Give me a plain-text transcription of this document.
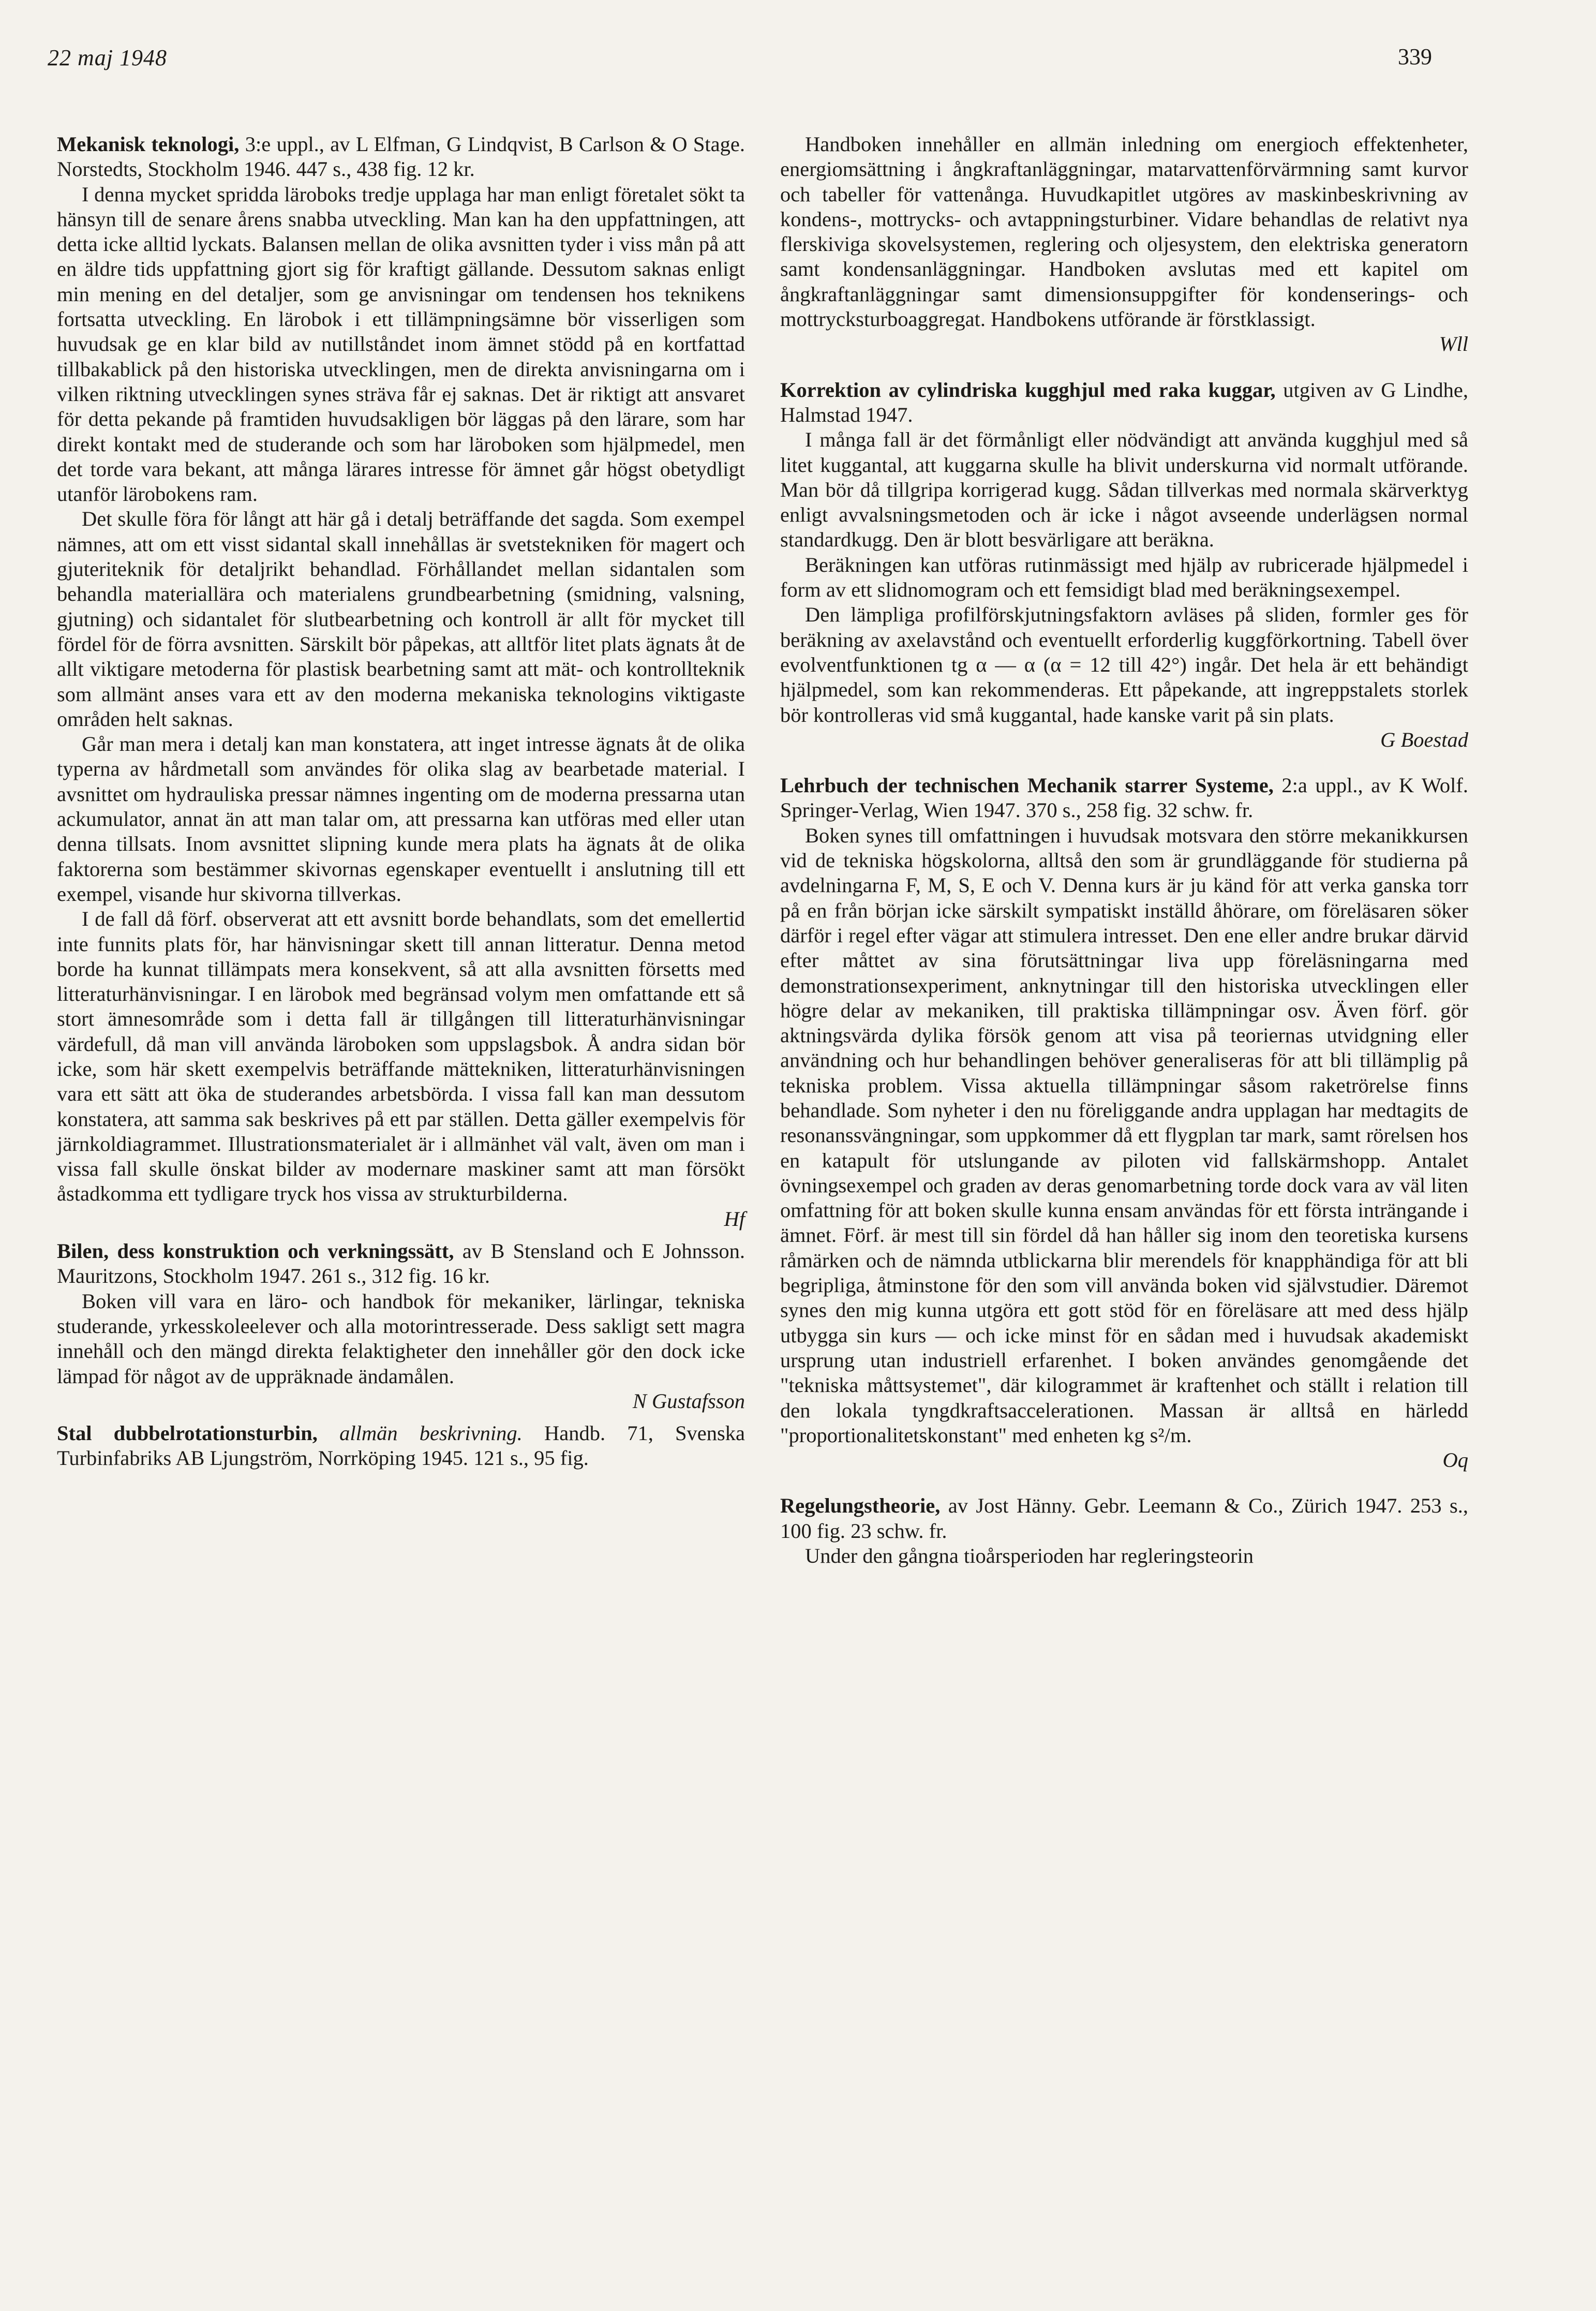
22 maj 1948	339

Mekanisk teknologi, 3:e uppl., av L Elfman, G Lindqvist, B Carlson & O Stage. Norstedts, Stockholm 1946. 447 s., 438 fig. 12 kr.

I denna mycket spridda läroboks tredje upplaga har man enligt företalet sökt ta hänsyn till de senare årens snabba utveckling. Man kan ha den uppfattningen, att detta icke alltid lyckats. Balansen mellan de olika avsnitten tyder i viss mån på att en äldre tids uppfattning gjort sig för kraftigt gällande. Dessutom saknas enligt min mening en del detaljer, som ge anvisningar om tendensen hos teknikens fortsatta utveckling. En lärobok i ett tillämpningsämne bör visserligen som huvudsak ge en klar bild av nutillståndet inom ämnet stödd på en kortfattad tillbakablick på den historiska utvecklingen, men de direkta anvisningarna om i vilken riktning utvecklingen synes sträva får ej saknas. Det är riktigt att ansvaret för detta pekande på framtiden huvudsakligen bör läggas på den lärare, som har direkt kontakt med de studerande och som har läroboken som hjälpmedel, men det torde vara bekant, att många lärares intresse för ämnet går högst obetydligt utanför lärobokens ram.

Det skulle föra för långt att här gå i detalj beträffande det sagda. Som exempel nämnes, att om ett visst sidantal skall innehållas är svetstekniken för magert och gjuteriteknik för detaljrikt behandlad. Förhållandet mellan sidantalen som behandla materiallära och materialens grundbearbetning (smidning, valsning, gjutning) och sidantalet för slutbearbetning och kontroll är allt för mycket till fördel för de förra avsnitten. Särskilt bör påpekas, att alltför litet plats ägnats åt de allt viktigare metoderna för plastisk bearbetning samt att mät- och kontrollteknik som allmänt anses vara ett av den moderna mekaniska teknologins viktigaste områden helt saknas.

Går man mera i detalj kan man konstatera, att inget intresse ägnats åt de olika typerna av hårdmetall som användes för olika slag av bearbetade material. I avsnittet om hydrauliska pressar nämnes ingenting om de moderna pressarna utan ackumulator, annat än att man talar om, att pressarna kan utföras med eller utan denna tillsats. Inom avsnittet slipning kunde mera plats ha ägnats åt de olika faktorerna som bestämmer skivornas egenskaper eventuellt i anslutning till ett exempel, visande hur skivorna tillverkas.

I de fall då förf. observerat att ett avsnitt borde behandlats, som det emellertid inte funnits plats för, har hänvisningar skett till annan litteratur. Denna metod borde ha kunnat tillämpats mera konsekvent, så att alla avsnitten försetts med litteraturhänvisningar. I en lärobok med begränsad volym men omfattande ett så stort ämnesområde som i detta fall är tillgången till litteraturhänvisningar värdefull, då man vill använda läroboken som uppslagsbok. Å andra sidan bör icke, som här skett exempelvis beträffande mättekniken, litteraturhänvisningen vara ett sätt att öka de studerandes arbetsbörda. I vissa fall kan man dessutom konstatera, att samma sak beskrives på ett par ställen. Detta gäller exempelvis för järnkoldiagrammet. Illustrationsmaterialet är i allmänhet väl valt, även om man i vissa fall skulle önskat bilder av modernare maskiner samt att man försökt åstadkomma ett tydligare tryck hos vissa av strukturbilderna.

Hf

Bilen, dess konstruktion och verkningssätt, av B Stensland och E Johnsson. Mauritzons, Stockholm 1947. 261 s., 312 fig. 16 kr.

Boken vill vara en läro- och handbok för mekaniker, lärlingar, tekniska studerande, yrkesskoleelever och alla motorintresserade. Dess sakligt sett magra innehåll och den mängd direkta felaktigheter den innehåller gör den dock icke lämpad för något av de uppräknade ändamålen.

N Gustafsson

Stal dubbelrotationsturbin, allmän beskrivning. Handb. 71, Svenska Turbinfabriks AB Ljungström, Norrköping 1945. 121 s., 95 fig.

Handboken innehåller en allmän inledning om energioch effektenheter, energiomsättning i ångkraftanläggningar, matarvattenförvärmning samt kurvor och tabeller för vattenånga. Huvudkapitlet utgöres av maskinbeskrivning av kondens-, mottrycks- och avtappningsturbiner. Vidare behandlas de relativt nya flerskiviga skovelsystemen, reglering och oljesystem, den elektriska generatorn samt kondensanläggningar. Handboken avslutas med ett kapitel om ångkraftanläggningar samt dimensionsuppgifter för kondenserings- och mottrycksturboaggregat. Handbokens utförande är förstklassigt.

Wll

Korrektion av cylindriska kugghjul med raka kuggar, utgiven av G Lindhe, Halmstad 1947.

I många fall är det förmånligt eller nödvändigt att använda kugghjul med så litet kuggantal, att kuggarna skulle ha blivit underskurna vid normalt utförande. Man bör då tillgripa korrigerad kugg. Sådan tillverkas med normala skärverktyg enligt avvalsningsmetoden och är icke i något avseende underlägsen normal standardkugg. Den är blott besvärligare att beräkna.

Beräkningen kan utföras rutinmässigt med hjälp av rubricerade hjälpmedel i form av ett slidnomogram och ett femsidigt blad med beräkningsexempel.

Den lämpliga profilförskjutningsfaktorn avläses på sliden, formler ges för beräkning av axelavstånd och eventuellt erforderlig kuggförkortning. Tabell över evolventfunktionen tg α — α (α = 12 till 42°) ingår. Det hela är ett behändigt hjälpmedel, som kan rekommenderas. Ett påpekande, att ingreppstalets storlek bör kontrolleras vid små kuggantal, hade kanske varit på sin plats.

G Boestad

Lehrbuch der technischen Mechanik starrer Systeme, 2:a uppl., av K Wolf. Springer-Verlag, Wien 1947. 370 s., 258 fig. 32 schw. fr.

Boken synes till omfattningen i huvudsak motsvara den större mekanikkursen vid de tekniska högskolorna, alltså den som är grundläggande för studierna på avdelningarna F, M, S, E och V. Denna kurs är ju känd för att verka ganska torr på en från början icke särskilt sympatiskt inställd åhörare, om föreläsaren söker därför i regel efter vägar att stimulera intresset. Den ene eller andre brukar därvid efter måttet av sina förutsättningar liva upp föreläsningarna med demonstrationsexperiment, anknytningar till den historiska utvecklingen eller högre delar av mekaniken, till praktiska tillämpningar osv. Även förf. gör aktningsvärda dylika försök genom att visa på teoriernas utvidgning eller användning och hur behandlingen behöver generaliseras för att bli tillämplig på tekniska problem. Vissa aktuella tillämpningar såsom raketrörelse finns behandlade. Som nyheter i den nu föreliggande andra upplagan har medtagits de resonanssvängningar, som uppkommer då ett flygplan tar mark, samt rörelsen hos en katapult för utslungande av piloten vid fallskärmshopp. Antalet övningsexempel och graden av deras genomarbetning torde dock vara av väl liten omfattning för att boken skulle kunna ensam användas för ett första inträngande i ämnet. Förf. är mest till sin fördel då han håller sig inom den teoretiska kursens råmärken och de nämnda utblickarna blir merendels för knapphändiga för att bli begripliga, åtminstone för den som vill använda boken vid självstudier. Däremot synes den mig kunna utgöra ett gott stöd för en föreläsare att med dess hjälp utbygga sin kurs — och icke minst för en sådan med i huvudsak akademiskt ursprung utan industriell erfarenhet. I boken användes genomgående det "tekniska måttsystemet", där kilogrammet är kraftenhet och ställt i relation till den lokala tyngdkraftsaccelerationen. Massan är alltså en härledd "proportionalitetskonstant" med enheten kg s²/m.

Oq

Regelungstheorie, av Jost Hänny. Gebr. Leemann & Co., Zürich 1947. 253 s., 100 fig. 23 schw. fr.

Under den gångna tioårsperioden har regleringsteorin
